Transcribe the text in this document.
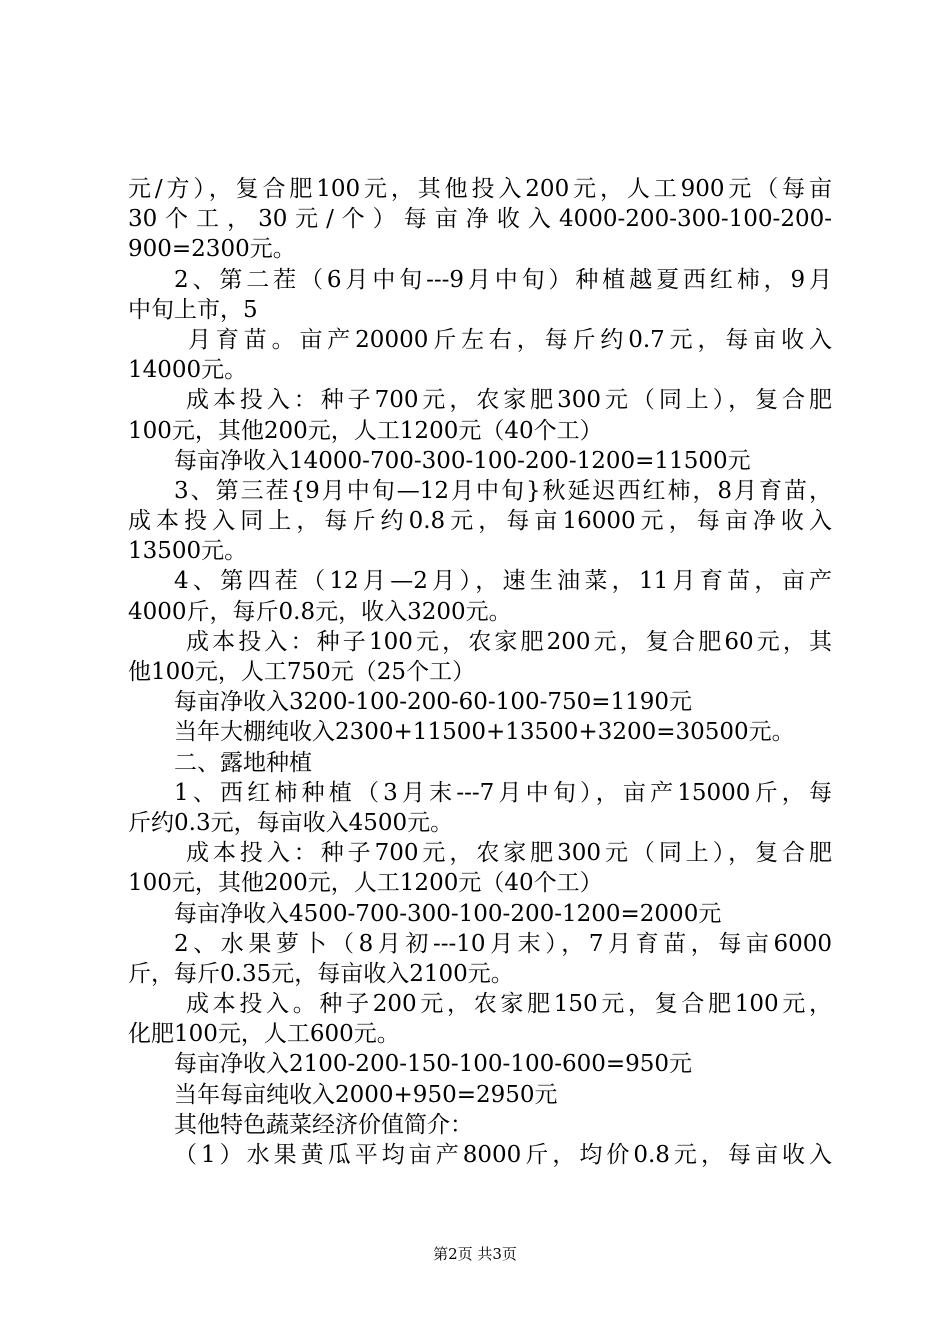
元/方），复合肥100元，其他投入200元，人工900元（每亩
30 个 工 ， 30 元 / 个 ） 每 亩 净 收 入 4000-200-300-100-200-
900=2300元。
2、第二茬（6月中旬---9月中旬）种植越夏西红柿，9月
中旬上市，5
月育苗。亩产20000斤左右，每斤约0.7元，每亩收入
14000元。
成本投入：种子700元，农家肥300元（同上），复合肥
100元，其他200元，人工1200元（40个工）
每亩净收入14000-700-300-100-200-1200=11500元
3、第三茬{9月中旬—12月中旬}秋延迟西红柿，8月育苗，
成本投入同上，每斤约0.8元，每亩16000元，每亩净收入
13500元。
4、第四茬（12月—2月），速生油菜，11月育苗，亩产
4000斤，每斤0.8元，收入3200元。
成本投入：种子100元，农家肥200元，复合肥60元，其
他100元，人工750元（25个工）
每亩净收入3200-100-200-60-100-750=1190元
当年大棚纯收入2300+11500+13500+3200=30500元。
二、露地种植
1、西红柿种植（3月末---7月中旬），亩产15000斤，每
斤约0.3元，每亩收入4500元。
成本投入：种子700元，农家肥300元（同上），复合肥
100元，其他200元，人工1200元（40个工）
每亩净收入4500-700-300-100-200-1200=2000元
2、水果萝卜（8月初---10月末），7月育苗，每亩6000
斤，每斤0.35元，每亩收入2100元。
成本投入。种子200元，农家肥150元，复合肥100元，
化肥100元，人工600元。
每亩净收入2100-200-150-100-100-600=950元
当年每亩纯收入2000+950=2950元
其他特色蔬菜经济价值简介：
（1）水果黄瓜平均亩产8000斤，均价0.8元，每亩收入
第2页 共3页
